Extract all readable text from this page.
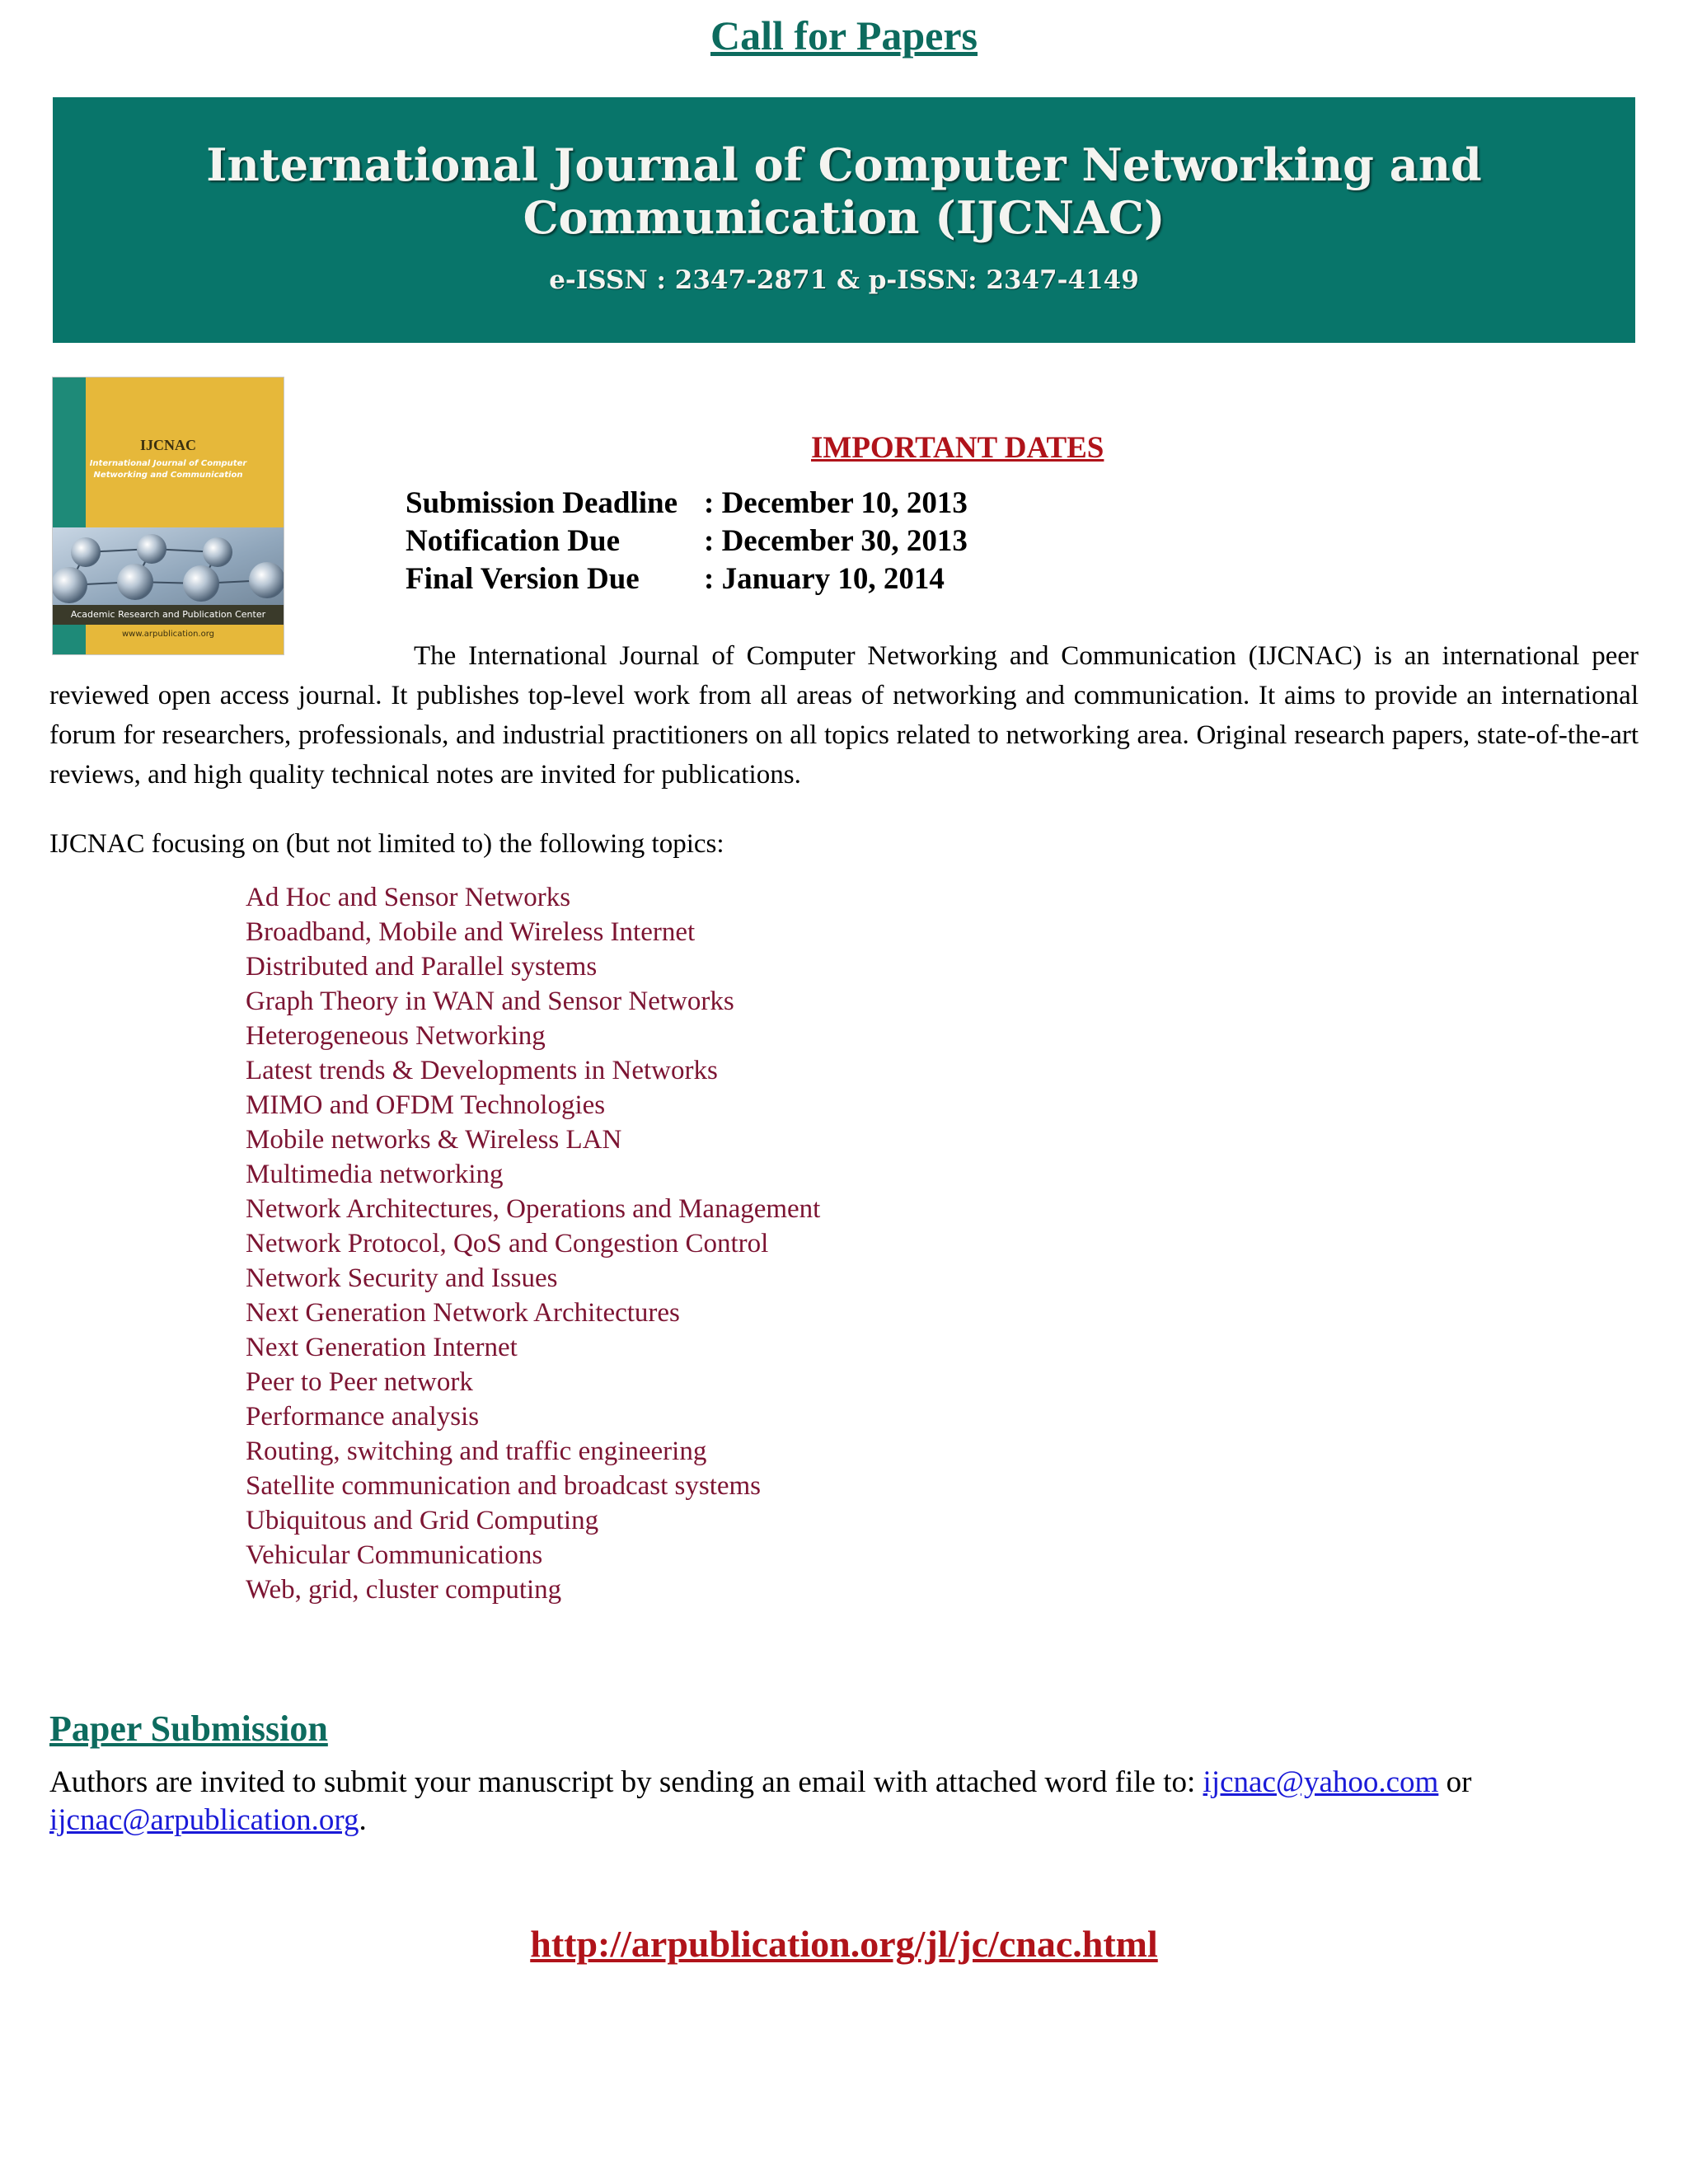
Call for Papers
International Journal of Computer Networking and
Communication (IJCNAC)
e-ISSN : 2347-2871 & p-ISSN: 2347-4149
IJCNAC
International Journal of Computer
Networking and Communication
Academic Research and Publication Center
www.arpublication.org
IMPORTANT DATES
Submission Deadline : December 10, 2013
Notification Due	: December 30, 2013
Final Version Due	: January 10, 2014
The International Journal of Computer Networking and Communication (IJCNAC) is an international peer reviewed open access journal. It publishes top-level work from all areas of networking and communication. It aims to provide an international forum for researchers, professionals, and industrial practitioners on all topics related to networking area. Original research papers, state-of-the-art reviews, and high quality technical notes are invited for publications.
IJCNAC focusing on (but not limited to) the following topics:
Ad Hoc and Sensor Networks
Broadband, Mobile and Wireless Internet
Distributed and Parallel systems
Graph Theory in WAN and Sensor Networks
Heterogeneous Networking
Latest trends & Developments in Networks
MIMO and OFDM Technologies
Mobile networks & Wireless LAN
Multimedia networking
Network Architectures, Operations and Management
Network Protocol, QoS and Congestion Control
Network Security and Issues
Next Generation Network Architectures
Next Generation Internet
Peer to Peer network
Performance analysis
Routing, switching and traffic engineering
Satellite communication and broadcast systems
Ubiquitous and Grid Computing
Vehicular Communications
Web, grid, cluster computing
Paper Submission
Authors are invited to submit your manuscript by sending an email with attached word file to: ijcnac@yahoo.com or ijcnac@arpublication.org.
http://arpublication.org/jl/jc/cnac.html
